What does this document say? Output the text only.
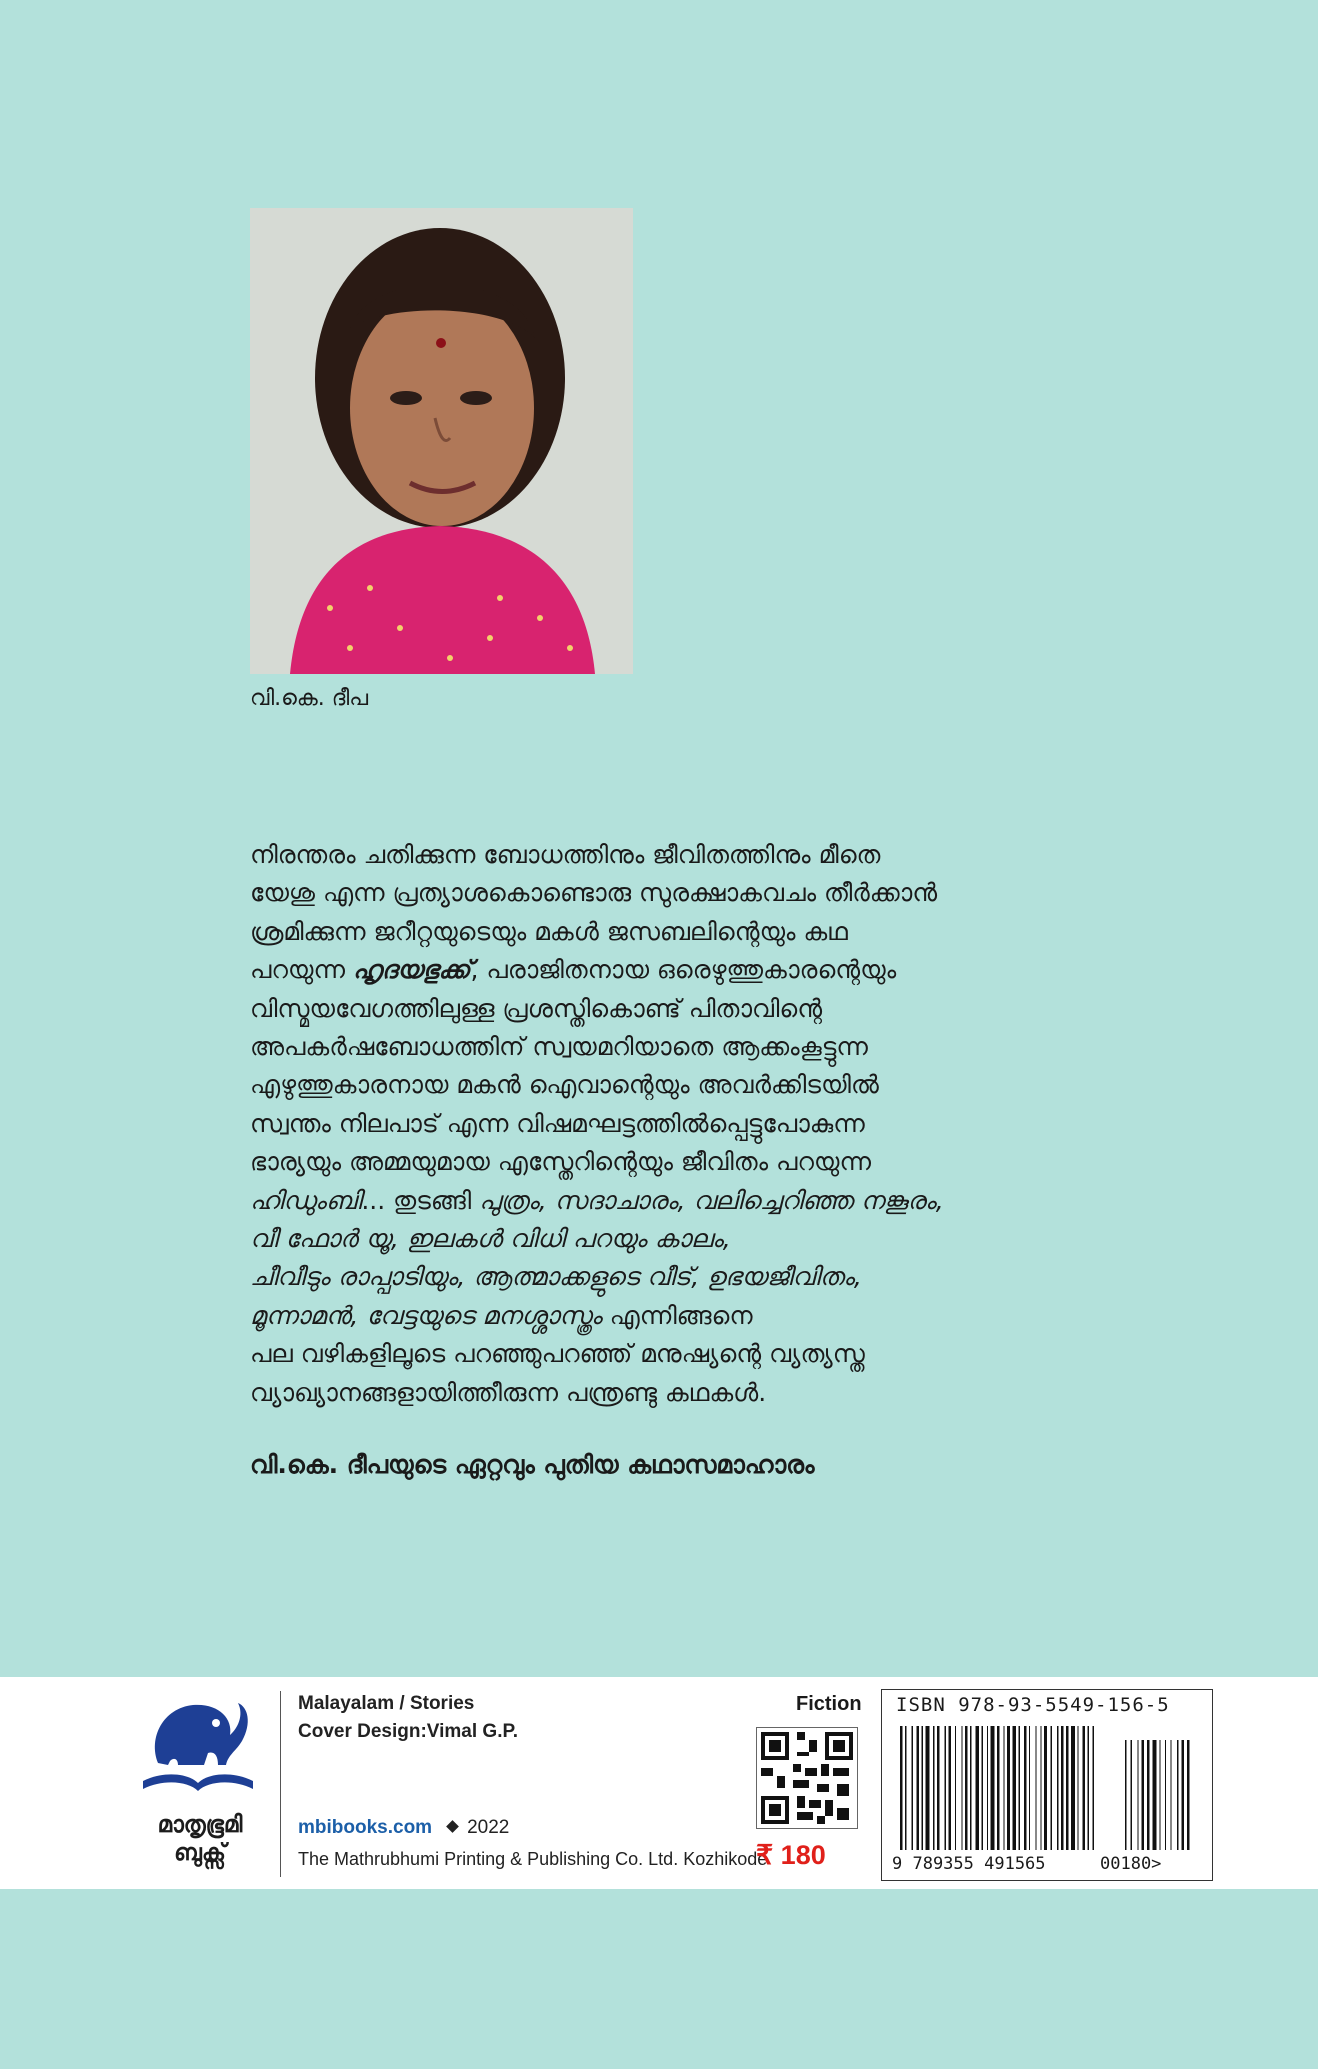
വി.കെ. ദീപ
നിരന്തരം ചതിക്കുന്ന ബോധത്തിനും ജീവിതത്തിനും മീതെ
യേശു എന്ന പ്രത്യാശകൊണ്ടൊരു സുരക്ഷാകവചം തീർക്കാൻ
ശ്രമിക്കുന്ന ജറീറ്റയുടെയും മകൾ ജസബലിന്റെയും കഥ
പറയുന്ന ഹൃദയഭുക്ക്, പരാജിതനായ ഒരെഴുത്തുകാരന്റെയും
വിസ്മയവേഗത്തിലുള്ള പ്രശസ്തികൊണ്ട് പിതാവിന്റെ
അപകർഷബോധത്തിന് സ്വയമറിയാതെ ആക്കംകൂട്ടുന്ന
എഴുത്തുകാരനായ മകൻ ഐവാന്റെയും അവർക്കിടയിൽ
സ്വന്തം നിലപാട് എന്ന വിഷമഘട്ടത്തിൽപ്പെട്ടുപോകുന്ന
ഭാര്യയും അമ്മയുമായ എസ്തേറിന്റെയും ജീവിതം പറയുന്ന
ഹിഡുംബി... തുടങ്ങി പുത്രം, സദാചാരം, വലിച്ചെറിഞ്ഞ നങ്കൂരം,
വീ ഫോർ യൂ, ഇലകൾ വിധി പറയും കാലം,
ചീവീടും രാപ്പാടിയും, ആത്മാക്കളുടെ വീട്, ഉഭയജീവിതം,
മൂന്നാമൻ, വേട്ടയുടെ മനശ്ശാസ്ത്രം എന്നിങ്ങനെ
പല വഴികളിലൂടെ പറഞ്ഞുപറഞ്ഞ് മനുഷ്യന്റെ വ്യത്യസ്ത
വ്യാഖ്യാനങ്ങളായിത്തീരുന്ന പന്ത്രണ്ടു കഥകൾ.
വി.കെ. ദീപയുടെ ഏറ്റവും പുതിയ കഥാസമാഹാരം
മാതൃഭൂമി
ബുക്സ്
Malayalam / Stories
Cover Design:Vimal G.P.
mbibooks.com 2022
The Mathrubhumi Printing & Publishing Co. Ltd. Kozhikode
Fiction
₹ 180
ISBN 978-93-5549-156-5
9 789355 491565	00180>
